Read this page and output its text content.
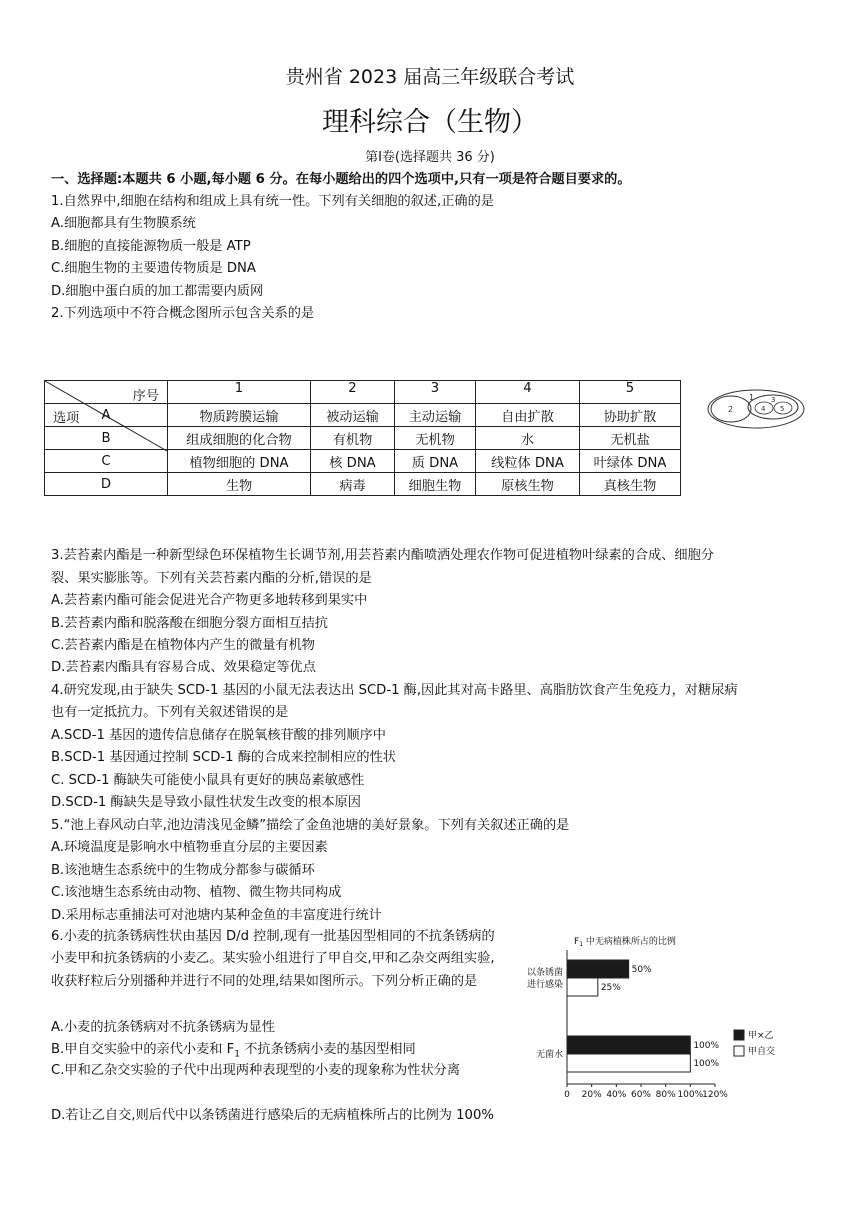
贵州省 2023 届高三年级联合考试
理科综合（生物）
第Ⅰ卷(选择题共 36 分)
一、选择题:本题共 6 小题,每小题 6 分。在每小题给出的四个选项中,只有一项是符合题目要求的。
1.自然界中,细胞在结构和组成上具有统一性。下列有关细胞的叙述,正确的是
A.细胞都具有生物膜系统
B.细胞的直接能源物质一般是 ATP
C.细胞生物的主要遗传物质是 DNA
D.细胞中蛋白质的加工都需要内质网
2.下列选项中不符合概念图所示包含关系的是
序号
选项	1	2	3	4	5
A	物质跨膜运输	被动运输	主动运输	自由扩散	协助扩散
B	组成细胞的化合物	有机物	无机物	水	无机盐
C	植物细胞的 DNA	核 DNA	质 DNA	线粒体 DNA	叶绿体 DNA
D	生物	病毒	细胞生物	原核生物	真核生物
1
2
3
4 5
3.芸苔素内酯是一种新型绿色环保植物生长调节剂,用芸苔素内酯喷洒处理农作物可促进植物叶绿素的合成、细胞分
裂、果实膨胀等。下列有关芸苔素内酯的分析,错误的是
A.芸苔素内酯可能会促进光合产物更多地转移到果实中
B.芸苔素内酯和脱落酸在细胞分裂方面相互拮抗
C.芸苔素内酯是在植物体内产生的微量有机物
D.芸苔素内酯具有容易合成、效果稳定等优点
4.研究发现,由于缺失 SCD-1 基因的小鼠无法表达出 SCD-1 酶,因此其对高卡路里、高脂肪饮食产生免疫力，对糖尿病
也有一定抵抗力。下列有关叙述错误的是
A.SCD-1 基因的遗传信息储存在脱氧核苷酸的排列顺序中
B.SCD-1 基因通过控制 SCD-1 酶的合成来控制相应的性状
C. SCD-1 酶缺失可能使小鼠具有更好的胰岛素敏感性
D.SCD-1 酶缺失是导致小鼠性状发生改变的根本原因
5.“池上春风动白苹,池边清浅见金鳞”描绘了金鱼池塘的美好景象。下列有关叙述正确的是
A.环境温度是影响水中植物垂直分层的主要因素
B.该池塘生态系统中的生物成分都参与碳循环
C.该池塘生态系统由动物、植物、微生物共同构成
D.采用标志重捕法可对池塘内某种金鱼的丰富度进行统计
6.小麦的抗条锈病性状由基因 D/d 控制,现有一批基因型相同的不抗条锈病的小麦甲和抗条锈病的小麦乙。某实验小组进行了甲自交,甲和乙杂交两组实验,收获籽粒后分别播种并进行不同的处理,结果如图所示。下列分析正确的是
A.小麦的抗条锈病对不抗条锈病为显性
B.甲自交实验中的亲代小麦和 $F_1$ 不抗条锈病小麦的基因型相同
C.甲和乙杂交实验的子代中出现两种表现型的小麦的现象称为性状分离
D.若让乙自交,则后代中以条锈菌进行感染后的无病植株所占的比例为 100%
$F_1$ 中无病植株所占的比例
0 20% 40% 60% 80% 100%
120%
以条锈菌
进行感染
50%
25%
无菌水
100%
100%
甲×乙
甲自交
